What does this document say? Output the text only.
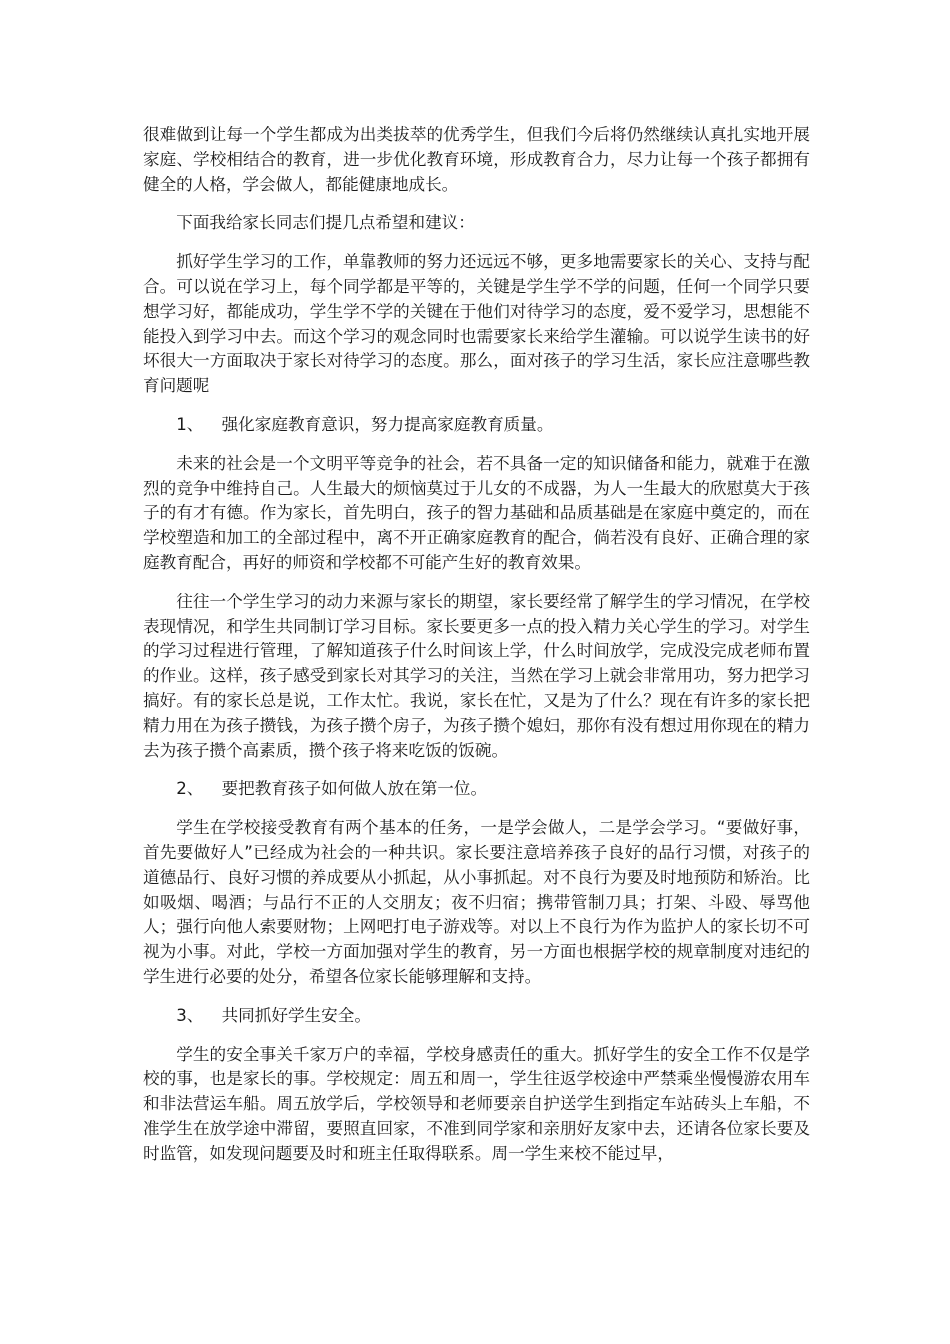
很难做到让每一个学生都成为出类拔萃的优秀学生，但我们今后将仍然继续认真扎实地开展家庭、学校相结合的教育，进一步优化教育环境，形成教育合力，尽力让每一个孩子都拥有健全的人格，学会做人，都能健康地成长。

下面我给家长同志们提几点希望和建议：

抓好学生学习的工作，单靠教师的努力还远远不够，更多地需要家长的关心、支持与配合。可以说在学习上，每个同学都是平等的，关键是学生学不学的问题，任何一个同学只要想学习好，都能成功，学生学不学的关键在于他们对待学习的态度，爱不爱学习，思想能不能投入到学习中去。而这个学习的观念同时也需要家长来给学生灌输。可以说学生读书的好坏很大一方面取决于家长对待学习的态度。那么，面对孩子的学习生活，家长应注意哪些教育问题呢

1、 强化家庭教育意识，努力提高家庭教育质量。

未来的社会是一个文明平等竞争的社会，若不具备一定的知识储备和能力，就难于在激烈的竞争中维持自己。人生最大的烦恼莫过于儿女的不成器，为人一生最大的欣慰莫大于孩子的有才有德。作为家长，首先明白，孩子的智力基础和品质基础是在家庭中奠定的，而在学校塑造和加工的全部过程中，离不开正确家庭教育的配合，倘若没有良好、正确合理的家庭教育配合，再好的师资和学校都不可能产生好的教育效果。

往往一个学生学习的动力来源与家长的期望，家长要经常了解学生的学习情况，在学校表现情况，和学生共同制订学习目标。家长要更多一点的投入精力关心学生的学习。对学生的学习过程进行管理，了解知道孩子什么时间该上学，什么时间放学，完成没完成老师布置的作业。这样，孩子感受到家长对其学习的关注，当然在学习上就会非常用功，努力把学习搞好。有的家长总是说，工作太忙。我说，家长在忙，又是为了什么？现在有许多的家长把精力用在为孩子攒钱，为孩子攒个房子，为孩子攒个媳妇，那你有没有想过用你现在的精力去为孩子攒个高素质，攒个孩子将来吃饭的饭碗。

2、 要把教育孩子如何做人放在第一位。

学生在学校接受教育有两个基本的任务，一是学会做人，二是学会学习。“要做好事，首先要做好人”已经成为社会的一种共识。家长要注意培养孩子良好的品行习惯，对孩子的道德品行、良好习惯的养成要从小抓起，从小事抓起。对不良行为要及时地预防和矫治。比如吸烟、喝酒；与品行不正的人交朋友；夜不归宿；携带管制刀具；打架、斗殴、辱骂他人；强行向他人索要财物；上网吧打电子游戏等。对以上不良行为作为监护人的家长切不可视为小事。对此，学校一方面加强对学生的教育，另一方面也根据学校的规章制度对违纪的学生进行必要的处分，希望各位家长能够理解和支持。

3、 共同抓好学生安全。

学生的安全事关千家万户的幸福，学校身感责任的重大。抓好学生的安全工作不仅是学校的事，也是家长的事。学校规定：周五和周一，学生往返学校途中严禁乘坐慢慢游农用车和非法营运车船。周五放学后，学校领导和老师要亲自护送学生到指定车站砖头上车船，不准学生在放学途中滞留，要照直回家，不准到同学家和亲朋好友家中去，还请各位家长要及时监管，如发现问题要及时和班主任取得联系。周一学生来校不能过早，
